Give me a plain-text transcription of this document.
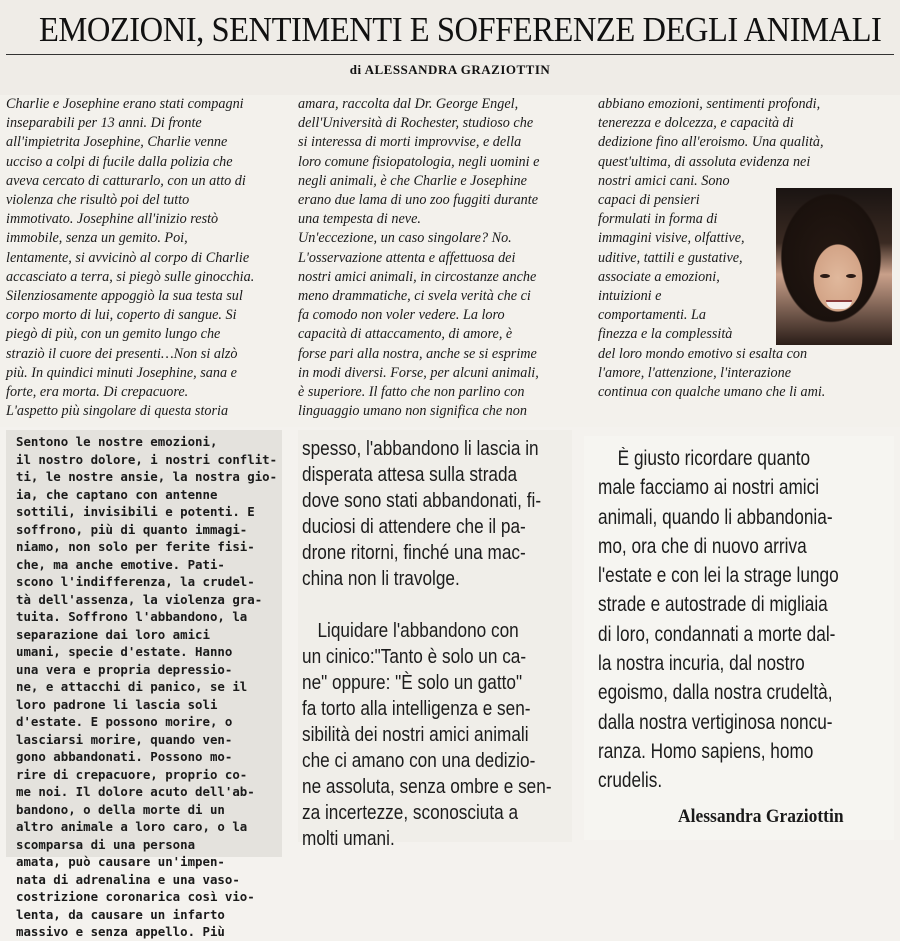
EMOZIONI, SENTIMENTI E SOFFERENZE DEGLI ANIMALI
di ALESSANDRA GRAZIOTTIN
Charlie e Josephine erano stati compagni
inseparabili per 13 anni. Di fronte
all'impietrita Josephine, Charlie venne
ucciso a colpi di fucile dalla polizia che
aveva cercato di catturarlo, con un atto di
violenza che risultò poi del tutto
immotivato. Josephine all'inizio restò
immobile, senza un gemito. Poi,
lentamente, si avvicinò al corpo di Charlie
accasciato a terra, si piegò sulle ginocchia.
Silenziosamente appoggiò la sua testa sul
corpo morto di lui, coperto di sangue. Si
piegò di più, con un gemito lungo che
straziò il cuore dei presenti…Non si alzò
più. In quindici minuti Josephine, sana e
forte, era morta. Di crepacuore.
L'aspetto più singolare di questa storia
amara, raccolta dal Dr. George Engel,
dell'Università di Rochester, studioso che
si interessa di morti improvvise, e della
loro comune fisiopatologia, negli uomini e
negli animali, è che Charlie e Josephine
erano due lama di uno zoo fuggiti durante
una tempesta di neve.
Un'eccezione, un caso singolare? No.
L'osservazione attenta e affettuosa dei
nostri amici animali, in circostanze anche
meno drammatiche, ci svela verità che ci
fa comodo non voler vedere. La loro
capacità di attaccamento, di amore, è
forse pari alla nostra, anche se si esprime
in modi diversi. Forse, per alcuni animali,
è superiore. Il fatto che non parlino con
linguaggio umano non significa che non
abbiano emozioni, sentimenti profondi,
tenerezza e dolcezza, e capacità di
dedizione fino all'eroismo. Una qualità,
quest'ultima, di assoluta evidenza nei
nostri amici cani. Sono
capaci di pensieri
formulati in forma di
immagini visive, olfattive,
uditive, tattili e gustative,
associate a emozioni,
intuizioni e
comportamenti. La
finezza e la complessità
del loro mondo emotivo si esalta con
l'amore, l'attenzione, l'interazione
continua con qualche umano che li ami.
Sentono le nostre emozioni,
il nostro dolore, i nostri conflit-
ti, le nostre ansie, la nostra gio-
ia, che captano con antenne
sottili, invisibili e potenti. E
soffrono, più di quanto immagi-
niamo, non solo per ferite fisi-
che, ma anche emotive. Pati-
scono l'indifferenza, la crudel-
tà dell'assenza, la violenza gra-
tuita. Soffrono l'abbandono, la
separazione dai loro amici
umani, specie d'estate. Hanno
una vera e propria depressio-
ne, e attacchi di panico, se il
loro padrone li lascia soli
d'estate. E possono morire, o
lasciarsi morire, quando ven-
gono abbandonati. Possono mo-
rire di crepacuore, proprio co-
me noi. Il dolore acuto dell'ab-
bandono, o della morte di un
altro animale a loro caro, o la
scomparsa di una persona
amata, può causare un'impen-
nata di adrenalina e una vaso-
costrizione coronarica così vio-
lenta, da causare un infarto
massivo e senza appello. Più
spesso, l'abbandono li lascia in
disperata attesa sulla strada
dove sono stati abbandonati, fi-
duciosi di attendere che il pa-
drone ritorni, finché una mac-
china non li travolge.

Liquidare l'abbandono con
un cinico:"Tanto è solo un ca-
ne" oppure: "È solo un gatto"
fa torto alla intelligenza e sen-
sibilità dei nostri amici animali
che ci amano con una dedizio-
ne assoluta, senza ombre e sen-
za incertezze, sconosciuta a
molti umani.
È giusto ricordare quanto
male facciamo ai nostri amici
animali, quando li abbandonia-
mo, ora che di nuovo arriva
l'estate e con lei la strage lungo
strade e autostrade di migliaia
di loro, condannati a morte dal-
la nostra incuria, dal nostro
egoismo, dalla nostra crudeltà,
dalla nostra vertiginosa noncu-
ranza. Homo sapiens, homo
crudelis.
Alessandra Graziottin
